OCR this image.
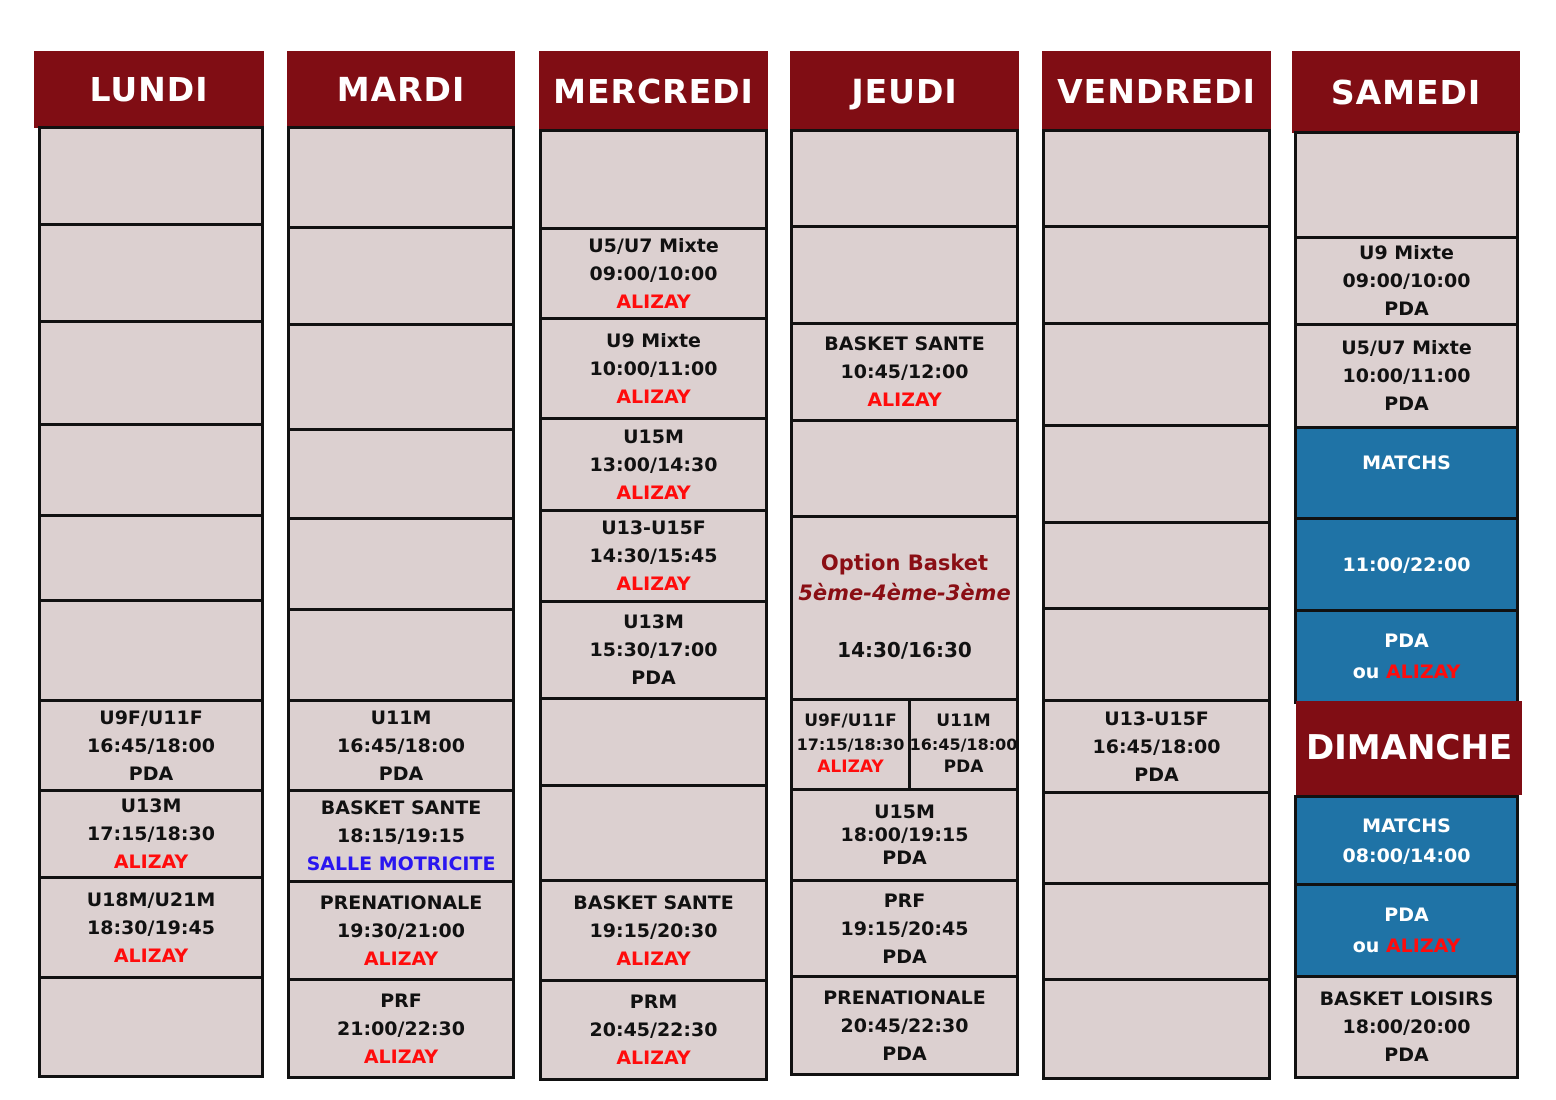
LUNDI
U9F/U11F
16:45/18:00
PDA
U13M
17:15/18:30
ALIZAY
U18M/U21M
18:30/19:45
ALIZAY
MARDI
U11M
16:45/18:00
PDA
BASKET SANTE
18:15/19:15
SALLE MOTRICITE
PRENATIONALE
19:30/21:00
ALIZAY
PRF
21:00/22:30
ALIZAY
MERCREDI
U5/U7 Mixte
09:00/10:00
ALIZAY
U9 Mixte
10:00/11:00
ALIZAY
U15M
13:00/14:30
ALIZAY
U13-U15F
14:30/15:45
ALIZAY
U13M
15:30/17:00
PDA
BASKET SANTE
19:15/20:30
ALIZAY
PRM
20:45/22:30
ALIZAY
JEUDI
BASKET SANTE
10:45/12:00
ALIZAY
Option Basket
5ème-4ème-3ème
14:30/16:30
U9F/U11F
17:15/18:30
ALIZAY
U11M
16:45/18:00
PDA
U15M
18:00/19:15
PDA
PRF
19:15/20:45
PDA
PRENATIONALE
20:45/22:30
PDA
VENDREDI
U13-U15F
16:45/18:00
PDA
SAMEDI
U9 Mixte
09:00/10:00
PDA
U5/U7 Mixte
10:00/11:00
PDA
MATCHS
11:00/22:00
PDA
ou ALIZAY
DIMANCHE
MATCHS
08:00/14:00
PDA
ou ALIZAY
BASKET LOISIRS
18:00/20:00
PDA
